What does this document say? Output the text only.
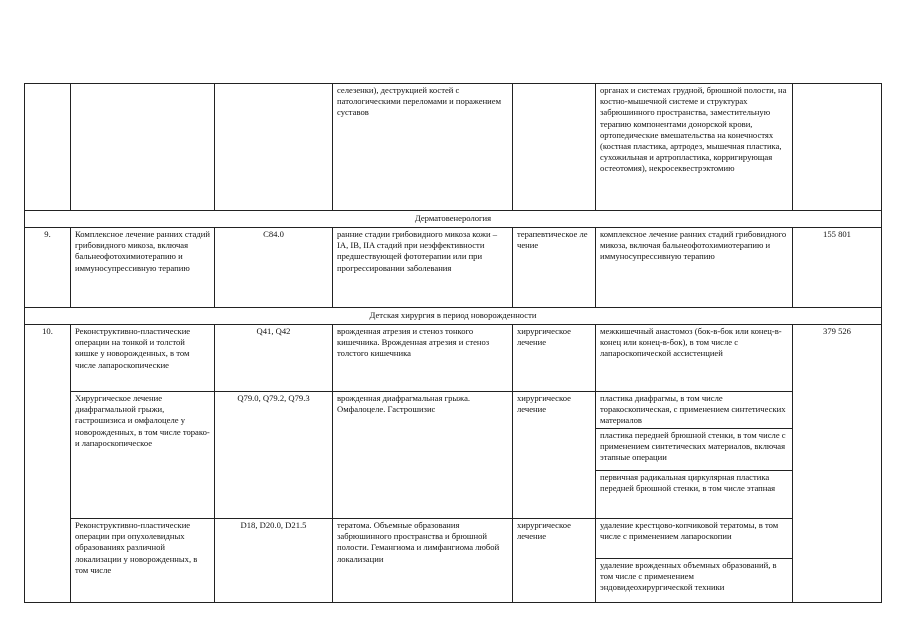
			селезенки), деструкцией костей с патологическими переломами и поражением суставов		органах и системах грудной, брюшной полости, на костно-мышечной системе и структурах забрюшинного пространства, заместительную терапию компонентами донорской крови, ортопедические вмешательства на конечностях (костная пластика, артродез, мышечная пластика, сухожильная и артропластика, корригирующая остеотомия), некросеквестрэктомию	
Дерматовенерология						
9.	Комплексное лечение ранних стадий грибовидного микоза, включая бальнеофотохимиотерапию и иммуносупрессивную терапию	C84.0	ранние стадии грибовидного микоза кожи – IA, IB, IIA стадий при неэффективности предшествующей фототерапии или при прогрессировании заболевания	терапевтическое лечение	комплексное лечение ранних стадий грибовидного микоза, включая бальнеофотохимиотерапию и иммуносупрессивную терапию	155 801
Детская хирургия в период новорожденности						
10.	Реконструктивно-пластические операции на тонкой и толстой кишке у новорожденных, в том числе лапароскопические	Q41, Q42	врожденная атрезия и стеноз тонкого кишечника. Врожденная атрезия и стеноз толстого кишечника	хирургическое лечение	межкишечный анастомоз (бок-в-бок или конец-в-конец или конец-в-бок), в том числе с лапароскопической ассистенцией	379 526
	Хирургическое лечение диафрагмальной грыжи, гастрошизиса и омфалоцеле у новорожденных, в том числе торако- и лапароскопическое	Q79.0, Q79.2, Q79.3	врожденная диафрагмальная грыжа. Омфалоцеле. Гастрошизис	хирургическое лечение	пластика диафрагмы, в том числе торакоскопическая, с применением синтетических материалов
пластика передней брюшной стенки, в том числе с применением синтетических материалов, включая этапные операции
первичная радикальная циркулярная пластика передней брюшной стенки, в том числе этапная	

	Реконструктивно-пластические операции при опухолевидных образованиях различной локализации у новорожденных, в том числе	D18, D20.0, D21.5	тератома. Объемные образования забрюшинного пространства и брюшной полости. Гемангиома и лимфангиома любой локализации	хирургическое лечение	удаление крестцово-копчиковой тератомы, в том числе с применением лапароскопии
удаление врожденных объемных образований, в том числе с применением эндовидеохирургической техники	
